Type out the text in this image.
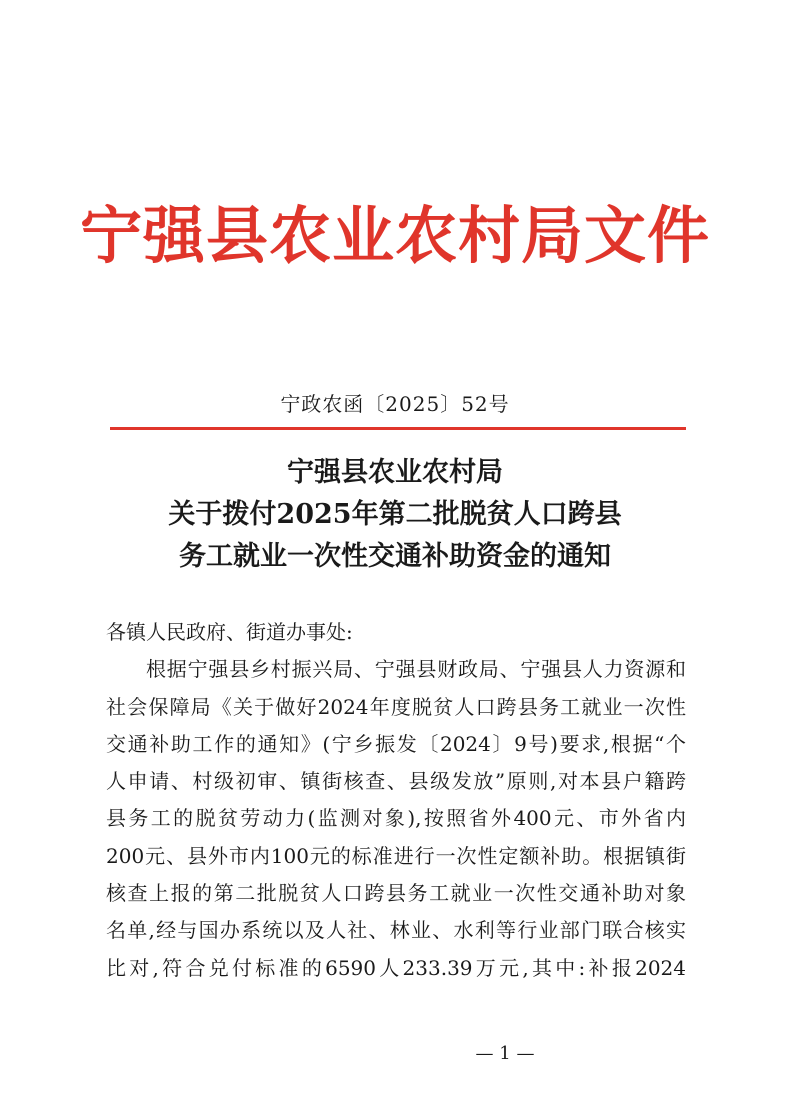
宁强县农业农村局文件
宁政农函〔2025〕52号
宁强县农业农村局
关于拨付2025年第二批脱贫人口跨县
务工就业一次性交通补助资金的通知
各镇人民政府、街道办事处:
根据宁强县乡村振兴局、宁强县财政局、宁强县人力资源和
社会保障局《关于做好2024年度脱贫人口跨县务工就业一次性
交通补助工作的通知》(宁乡振发〔2024〕9号)要求,根据“个
人申请、村级初审、镇街核查、县级发放”原则,对本县户籍跨
县务工的脱贫劳动力(监测对象),按照省外400元、市外省内
200元、县外市内100元的标准进行一次性定额补助。根据镇街
核查上报的第二批脱贫人口跨县务工就业一次性交通补助对象
名单,经与国办系统以及人社、林业、水利等行业部门联合核实
比对,符合兑付标准的6590人233.39万元,其中:补报2024
— 1 —
